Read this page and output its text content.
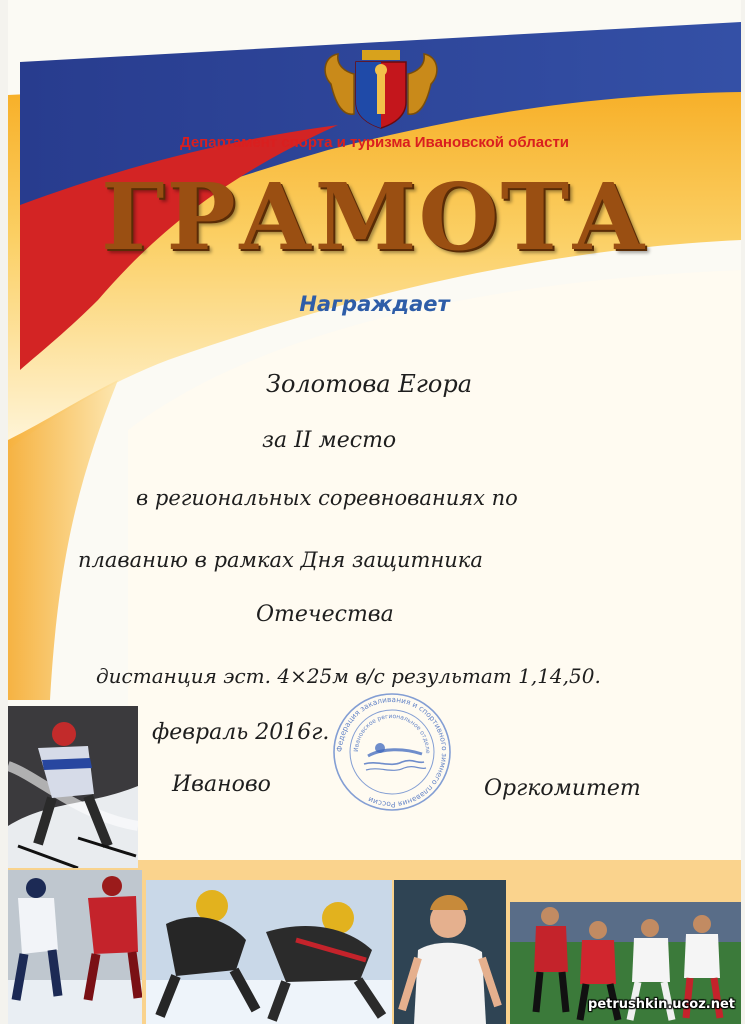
Департамент спорта и туризма Ивановской области
ГРАМОТА
Награждает
Золотова Егора
за II место
в региональных соревнованиях по
плаванию в рамках Дня защитника
Отечества
дистанция эст. 4×25м в/с результат 1,14,50.
февраль 2016г.
Иваново	Оргкомитет
Федерация закаливания и спортивного зимнего плавания России
Ивановское региональное отделе
petrushkin.ucoz.net
